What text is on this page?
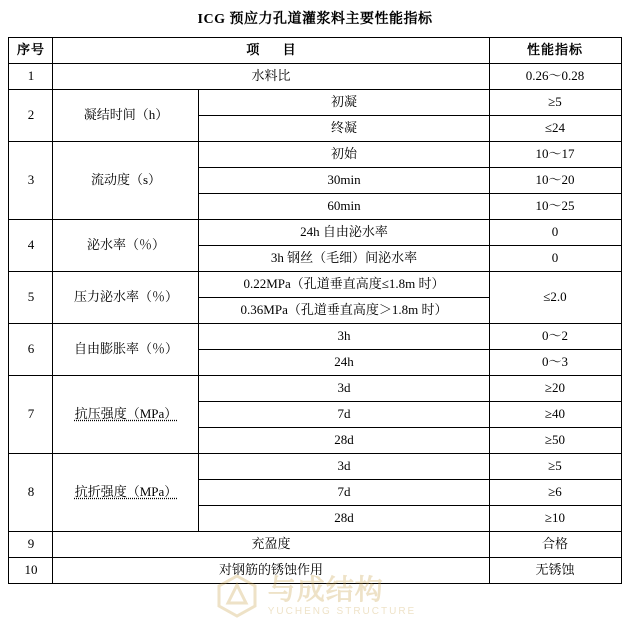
ICG 预应力孔道灌浆料主要性能指标
序号	项 目		性能指标
1	水料比		0.26～0.28
2	凝结时间（h）	初凝	≥5
		终凝	≤24
3	流动度（s）	初始	10～17
		30min	10～20
		60min	10～25
4	泌水率（％）	24h 自由泌水率	0
		3h 钢丝（毛细）间泌水率	0
5	压力泌水率（％）	0.22MPa（孔道垂直高度≤1.8m 时）	≤2.0
		0.36MPa（孔道垂直高度＞1.8m 时）	
6	自由膨胀率（％）	3h	0～2
		24h	0～3
7	抗压强度（MPa）	3d	≥20
		7d	≥40
		28d	≥50
8	抗折强度（MPa）	3d	≥5
		7d	≥6
		28d	≥10
9	充盈度		合格
10	对钢筋的锈蚀作用		无锈蚀
与成结构
YUCHENG STRUCTURE
